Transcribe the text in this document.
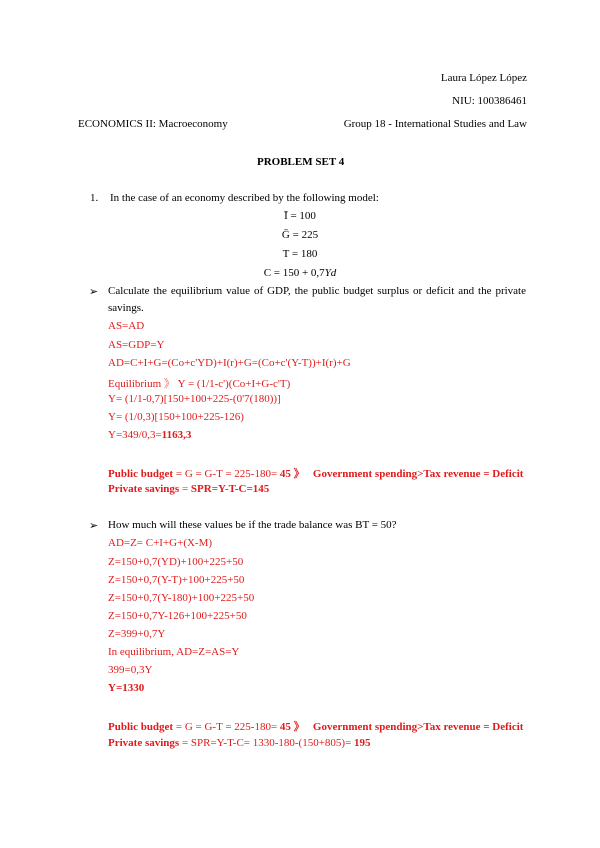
Laura López López
NIU: 100386461
ECONOMICS II: Macroeconomy	Group 18 - International Studies and Law
PROBLEM SET 4
1. In the case of an economy described by the following model:
Ī = 100
Ḡ = 225
T = 180
C = 150 + 0,7Yd
➢ Calculate the equilibrium value of GDP, the public budget surplus or deficit and the private
savings.
AS=AD
AS=GDP=Y
AD=C+I+G=(Co+c'YD)+I(r)+G=(Co+c'(Y-T))+I(r)+G
Equilibrium 》 Y = (1/1-c')(Co+I+G-c'T)
Y= (1/1-0,7)[150+100+225-(0'7(180))]
Y= (1/0,3)[150+100+225-126)
Y=349/0,3=1163,3
Public budget = G = G-T = 225-180= 45 》 Government spending>Tax revenue = Deficit
Private savings = SPR=Y-T-C=145
➢ How much will these values be if the trade balance was BT = 50?
AD=Z= C+I+G+(X-M)
Z=150+0,7(YD)+100+225+50
Z=150+0,7(Y-T)+100+225+50
Z=150+0,7(Y-180)+100+225+50
Z=150+0,7Y-126+100+225+50
Z=399+0,7Y
In equilibrium, AD=Z=AS=Y
399=0,3Y
Y=1330
Public budget = G = G-T = 225-180= 45 》 Government spending>Tax revenue = Deficit
Private savings = SPR=Y-T-C= 1330-180-(150+805)= 195
